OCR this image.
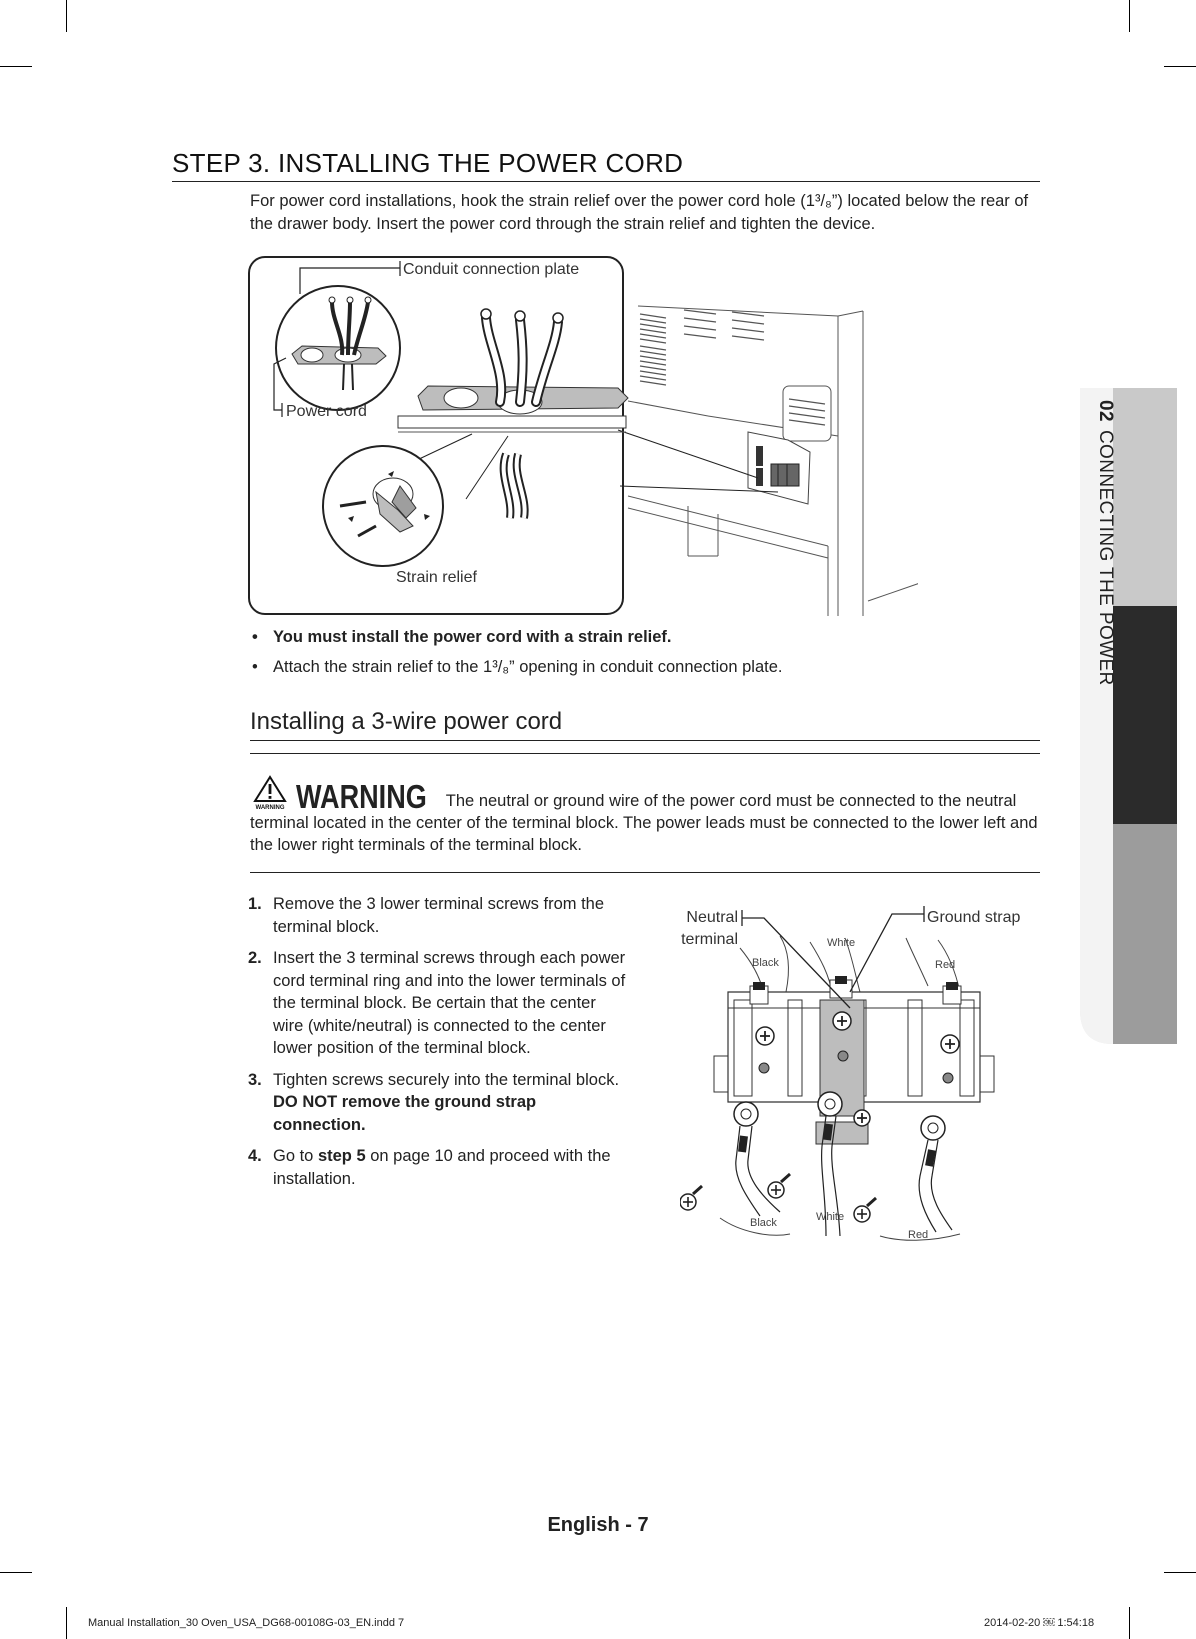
STEP 3. INSTALLING THE POWER CORD

For power cord installations, hook the strain relief over the power cord hole (1³/₈”) located below the rear of the drawer body. Insert the power cord through the strain relief and tighten the device.

Conduit connection plate
Power cord
Strain relief
• You must install the power cord with a strain relief.
• Attach the strain relief to the 1³/₈” opening in conduit connection plate.
Installing a 3-wire power cord
WARNING WARNING The neutral or ground wire of the power cord must be connected to the neutral terminal located in the center of the terminal block. The power leads must be connected to the lower left and the lower right terminals of the terminal block.
1. Remove the 3 lower terminal screws from the terminal block.
2. Insert the 3 terminal screws through each power cord terminal ring and into the lower terminals of the terminal block. Be certain that the center wire (white/neutral) is connected to the center lower position of the terminal block.
3. Tighten screws securely into the terminal block. DO NOT remove the ground strap connection.
4. Go to step 5 on page 10 and proceed with the installation.
Neutral
terminal
Ground strap
White
Black	Red
Black	White
Red
02CONNECTING THE POWER
English - 7
Manual Installation_30 Oven_USA_DG68-00108G-03_EN.indd 7	2014-02-20 ￼ 1:54:18
